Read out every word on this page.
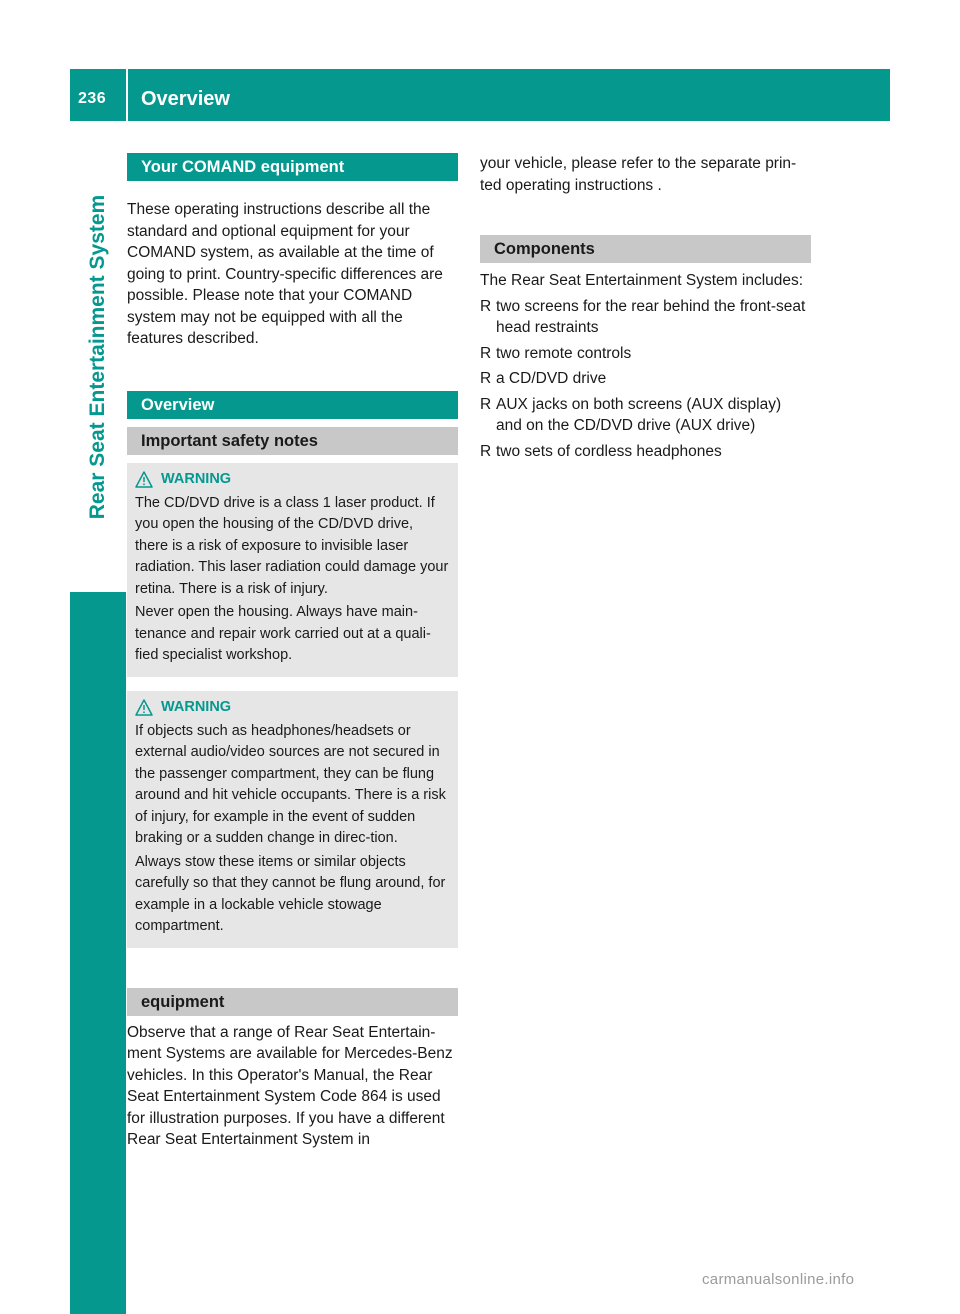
236	Overview
Rear Seat Entertainment System
Your COMAND equipment

These operating instructions describe all the standard and optional equipment for your COMAND system, as available at the time of going to print. Country-specific differences are possible. Please note that your COMAND system may not be equipped with all the features described.

Overview
Important safety notes
WARNING

The CD/DVD drive is a class 1 laser product. If you open the housing of the CD/DVD drive, there is a risk of exposure to invisible laser radiation. This laser radiation could damage your retina. There is a risk of injury.

Never open the housing. Always have main-tenance and repair work carried out at a quali-fied specialist workshop.

WARNING

If objects such as headphones/headsets or external audio/video sources are not secured in the passenger compartment, they can be flung around and hit vehicle occupants. There is a risk of injury, for example in the event of sudden braking or a sudden change in direc-tion.

Always stow these items or similar objects carefully so that they cannot be flung around, for example in a lockable vehicle stowage compartment.

equipment

Observe that a range of Rear Seat Entertain-ment Systems are available for Mercedes-Benz vehicles. In this Operator's Manual, the Rear Seat Entertainment System Code 864 is used for illustration purposes. If you have a different Rear Seat Entertainment System in

your vehicle, please refer to the separate prin-ted operating instructions .

Components

The Rear Seat Entertainment System includes:

R two screens for the rear behind the front-seat head restraints
R two remote controls
R a CD/DVD drive
R AUX jacks on both screens (AUX display) and on the CD/DVD drive (AUX drive)
R two sets of cordless headphones
carmanualsonline.info
